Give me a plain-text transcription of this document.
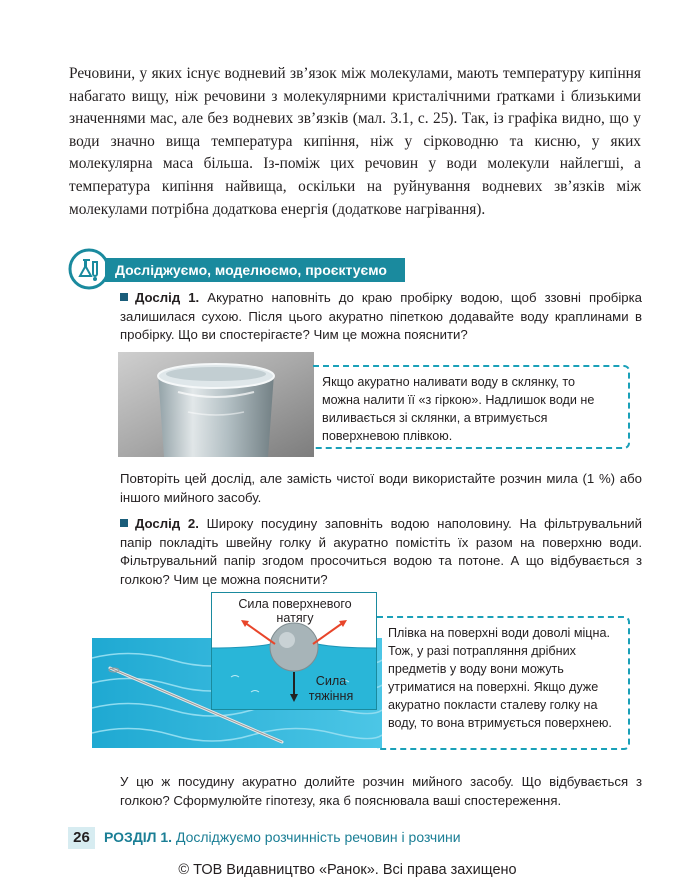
Речовини, у яких існує водневий зв’язок між молекулами, мають температуру кипіння набагато вищу, ніж речовини з молекулярними кристалічними ґратками і близькими значеннями мас, але без водневих зв’язків (мал. 3.1, с. 25). Так, із графіка видно, що у води значно вища температура кипіння, ніж у сірководню та кисню, у яких молекулярна маса більша. Із-поміж цих речовин у води молекули найлегші, а температура кипіння найвища, оскільки на руйнування водневих зв’язків між молекулами потрібна додаткова енергія (додаткове нагрівання).

Досліджуємо, моделюємо, проєктуємо

Дослід 1. Акуратно наповніть до краю пробірку водою, щоб ззовні пробірка залишилася сухою. Після цього акуратно піпеткою додавайте воду краплинами в пробірку. Що ви спостерігаєте? Чим це можна пояснити?

Якщо акуратно наливати воду в склянку, то можна налити її «з гіркою». Надлишок води не виливається зі склянки, а втримується поверхневою плівкою.

Повторіть цей дослід, але замість чистої води використайте розчин мила (1 %) або іншого мийного засобу.

Дослід 2. Широку посудину заповніть водою наполовину. На фільтрувальний папір покладіть швейну голку й акуратно помістіть їх разом на поверхню води. Фільтрувальний папір згодом просочиться водою та потоне. А що відбувається з голкою? Чим це можна пояснити?

Сила поверхневого натягу
Сила тяжіння
Плівка на поверхні води доволі міцна. Тож, у разі потрапляння дрібних предметів у воду вони можуть утриматися на поверхні. Якщо дуже акуратно покласти сталеву голку на воду, то вона втримується поверхнею.

У цю ж посудину акуратно долийте розчин мийного засобу. Що відбувається з голкою? Сформулюйте гіпотезу, яка б пояснювала ваші спостереження.

26	РОЗДІЛ 1. Досліджуємо розчинність речовин і розчини
© ТОВ Видавництво «Ранок». Всі права захищено
